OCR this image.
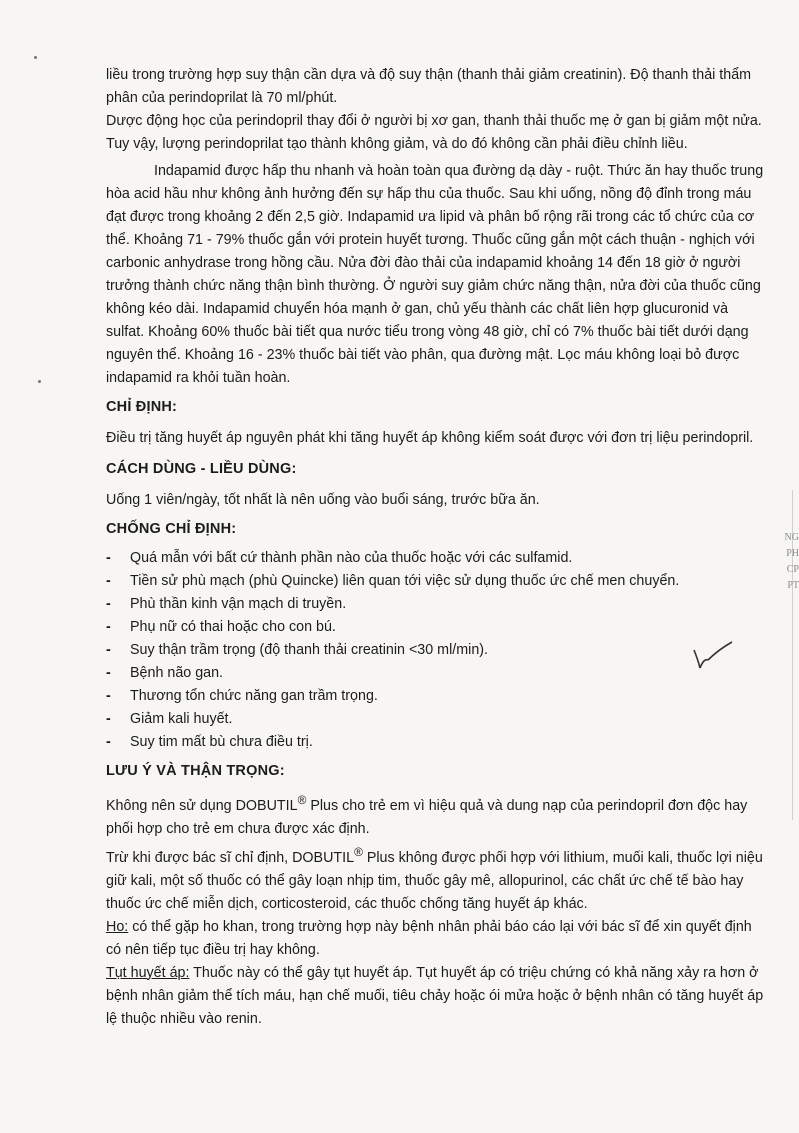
liều trong trường hợp suy thận cần dựa và độ suy thận (thanh thải giảm creatinin). Độ thanh thải thẩm phân của perindoprilat là 70 ml/phút.

Dược động học của perindopril thay đổi ở người bị xơ gan, thanh thải thuốc mẹ ở gan bị giảm một nửa. Tuy vậy, lượng perindoprilat tạo thành không giảm, và do đó không cần phải điều chỉnh liều.

Indapamid được hấp thu nhanh và hoàn toàn qua đường dạ dày - ruột. Thức ăn hay thuốc trung hòa acid hầu như không ảnh hưởng đến sự hấp thu của thuốc. Sau khi uống, nồng độ đỉnh trong máu đạt được trong khoảng 2 đến 2,5 giờ. Indapamid ưa lipid và phân bố rộng rãi trong các tổ chức của cơ thể. Khoảng 71 - 79% thuốc gắn với protein huyết tương. Thuốc cũng gắn một cách thuận - nghịch với carbonic anhydrase trong hồng cầu. Nửa đời đào thải của indapamid khoảng 14 đến 18 giờ ở người trưởng thành chức năng thận bình thường. Ở người suy giảm chức năng thận, nửa đời của thuốc cũng không kéo dài. Indapamid chuyển hóa mạnh ở gan, chủ yếu thành các chất liên hợp glucuronid và sulfat. Khoảng 60% thuốc bài tiết qua nước tiểu trong vòng 48 giờ, chỉ có 7% thuốc bài tiết dưới dạng nguyên thể. Khoảng 16 - 23% thuốc bài tiết vào phân, qua đường mật. Lọc máu không loại bỏ được indapamid ra khỏi tuần hoàn.

CHỈ ĐỊNH:

Điều trị tăng huyết áp nguyên phát khi tăng huyết áp không kiểm soát được với đơn trị liệu perindopril.

CÁCH DÙNG - LIỀU DÙNG:

Uống 1 viên/ngày, tốt nhất là nên uống vào buổi sáng, trước bữa ăn.

CHỐNG CHỈ ĐỊNH:
- Quá mẫn với bất cứ thành phần nào của thuốc hoặc với các sulfamid.
- Tiền sử phù mạch (phù Quincke) liên quan tới việc sử dụng thuốc ức chế men chuyển.
- Phù thần kinh vận mạch di truyền.
- Phụ nữ có thai hoặc cho con bú.
- Suy thận trầm trọng (độ thanh thải creatinin <30 ml/min).
- Bệnh não gan.
- Thương tổn chức năng gan trầm trọng.
- Giảm kali huyết.
- Suy tim mất bù chưa điều trị.
LƯU Ý VÀ THẬN TRỌNG:

Không nên sử dụng DOBUTIL® Plus cho trẻ em vì hiệu quả và dung nạp của perindopril đơn độc hay phối hợp cho trẻ em chưa được xác định.

Trừ khi được bác sĩ chỉ định, DOBUTIL® Plus không được phối hợp với lithium, muối kali, thuốc lợi niệu giữ kali, một số thuốc có thể gây loạn nhịp tim, thuốc gây mê, allopurinol, các chất ức chế tế bào hay thuốc ức chế miễn dịch, corticosteroid, các thuốc chống tăng huyết áp khác.

Ho: có thể gặp ho khan, trong trường hợp này bệnh nhân phải báo cáo lại với bác sĩ để xin quyết định có nên tiếp tục điều trị hay không.

Tụt huyết áp: Thuốc này có thể gây tụt huyết áp. Tụt huyết áp có triệu chứng có khả năng xảy ra hơn ở bệnh nhân giảm thể tích máu, hạn chế muối, tiêu chảy hoặc ói mửa hoặc ở bệnh nhân có tăng huyết áp lệ thuộc nhiều vào renin.

NG
PH
CP
PT
